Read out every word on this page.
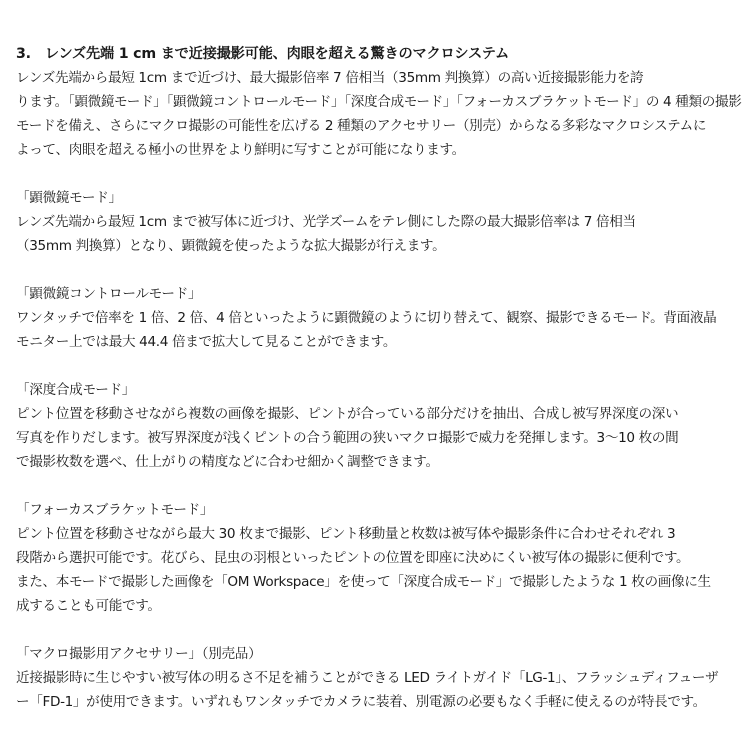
3.　レンズ先端 1 cm まで近接撮影可能、肉眼を超える驚きのマクロシステム
レンズ先端から最短 1cm まで近づけ、最大撮影倍率 7 倍相当（35mm 判換算）の高い近接撮影能力を誇
ります。「顕微鏡モード」「顕微鏡コントロールモード」「深度合成モード」「フォーカスブラケットモード」の 4 種類の撮影
モードを備え、さらにマクロ撮影の可能性を広げる 2 種類のアクセサリー（別売）からなる多彩なマクロシステムに
よって、肉眼を超える極小の世界をより鮮明に写すことが可能になります。
「顕微鏡モード」
レンズ先端から最短 1cm まで被写体に近づけ、光学ズームをテレ側にした際の最大撮影倍率は 7 倍相当
（35mm 判換算）となり、顕微鏡を使ったような拡大撮影が行えます。
「顕微鏡コントロールモード」
ワンタッチで倍率を 1 倍、2 倍、4 倍といったように顕微鏡のように切り替えて、観察、撮影できるモード。背面液晶
モニター上では最大 44.4 倍まで拡大して見ることができます。
「深度合成モード」
ピント位置を移動させながら複数の画像を撮影、ピントが合っている部分だけを抽出、合成し被写界深度の深い
写真を作りだします。被写界深度が浅くピントの合う範囲の狭いマクロ撮影で威力を発揮します。3〜10 枚の間
で撮影枚数を選べ、仕上がりの精度などに合わせ細かく調整できます。
「フォーカスブラケットモード」
ピント位置を移動させながら最大 30 枚まで撮影、ピント移動量と枚数は被写体や撮影条件に合わせそれぞれ 3
段階から選択可能です。花びら、昆虫の羽根といったピントの位置を即座に決めにくい被写体の撮影に便利です。
また、本モードで撮影した画像を「OM Workspace」を使って「深度合成モード」で撮影したような 1 枚の画像に生
成することも可能です。
「マクロ撮影用アクセサリー」（別売品）
近接撮影時に生じやすい被写体の明るさ不足を補うことができる LED ライトガイド「LG-1」、フラッシュディフューザ
ー「FD-1」が使用できます。いずれもワンタッチでカメラに装着、別電源の必要もなく手軽に使えるのが特長です。
